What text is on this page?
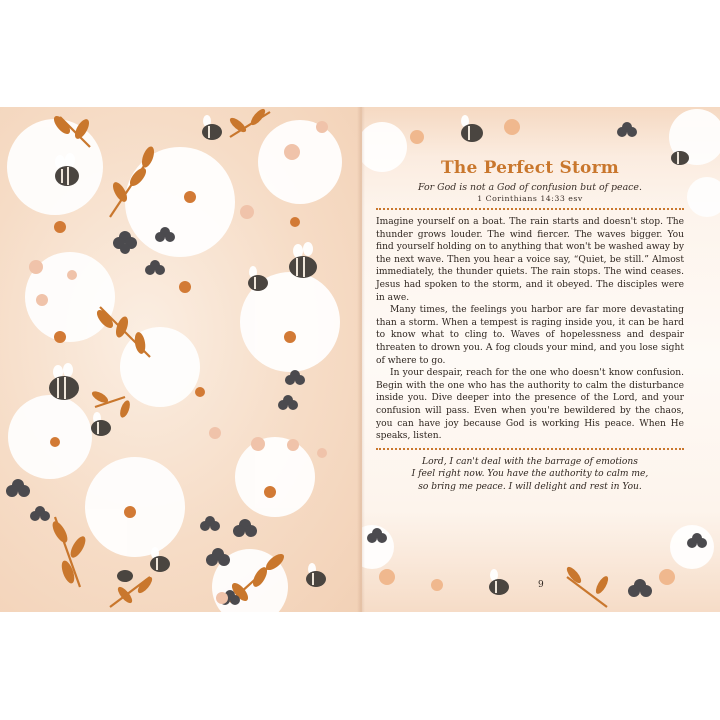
The Perfect Storm

For God is not a God of confusion but of peace.

1 Corinthians 14:33 esv

Imagine yourself on a boat. The rain starts and doesn't stop. The thunder grows louder. The wind fiercer. The waves bigger. You find yourself holding on to anything that won't be washed away by the next wave. Then you hear a voice say, “Quiet, be still.” Almost immediately, the thunder quiets. The rain stops. The wind ceases. Jesus had spoken to the storm, and it obeyed. The disciples were in awe.

Many times, the feelings you harbor are far more devastating than a storm. When a tempest is raging inside you, it can be hard to know what to cling to. Waves of hopelessness and despair threaten to drown you. A fog clouds your mind, and you lose sight of where to go.

In your despair, reach for the one who doesn't know confusion. Begin with the one who has the authority to calm the disturbance inside you. Dive deeper into the presence of the Lord, and your confusion will pass. Even when you're bewildered by the chaos, you can have joy because God is working His peace. When He speaks, listen.

Lord, I can't deal with the barrage of emotions
I feel right now. You have the authority to calm me,
so bring me peace. I will delight and rest in You.
9
